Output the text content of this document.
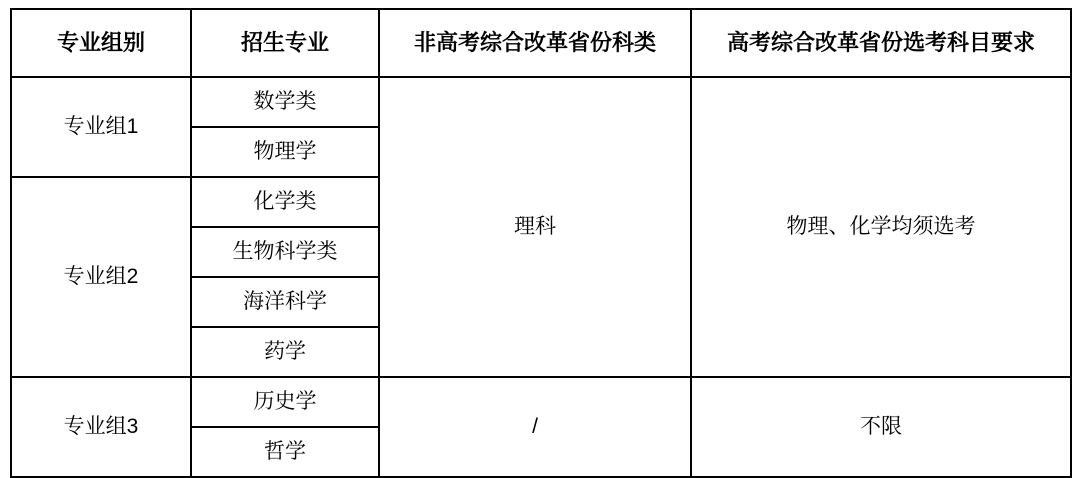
专业组别	招生专业	非高考综合改革省份科类	高考综合改革省份选考科目要求
专业组1	数学类	理科	物理、化学均须选考
	物理学		
专业组2	化学类		
	生物科学类		
	海洋科学		
	药学		
专业组3	历史学	/	不限
	哲学		
